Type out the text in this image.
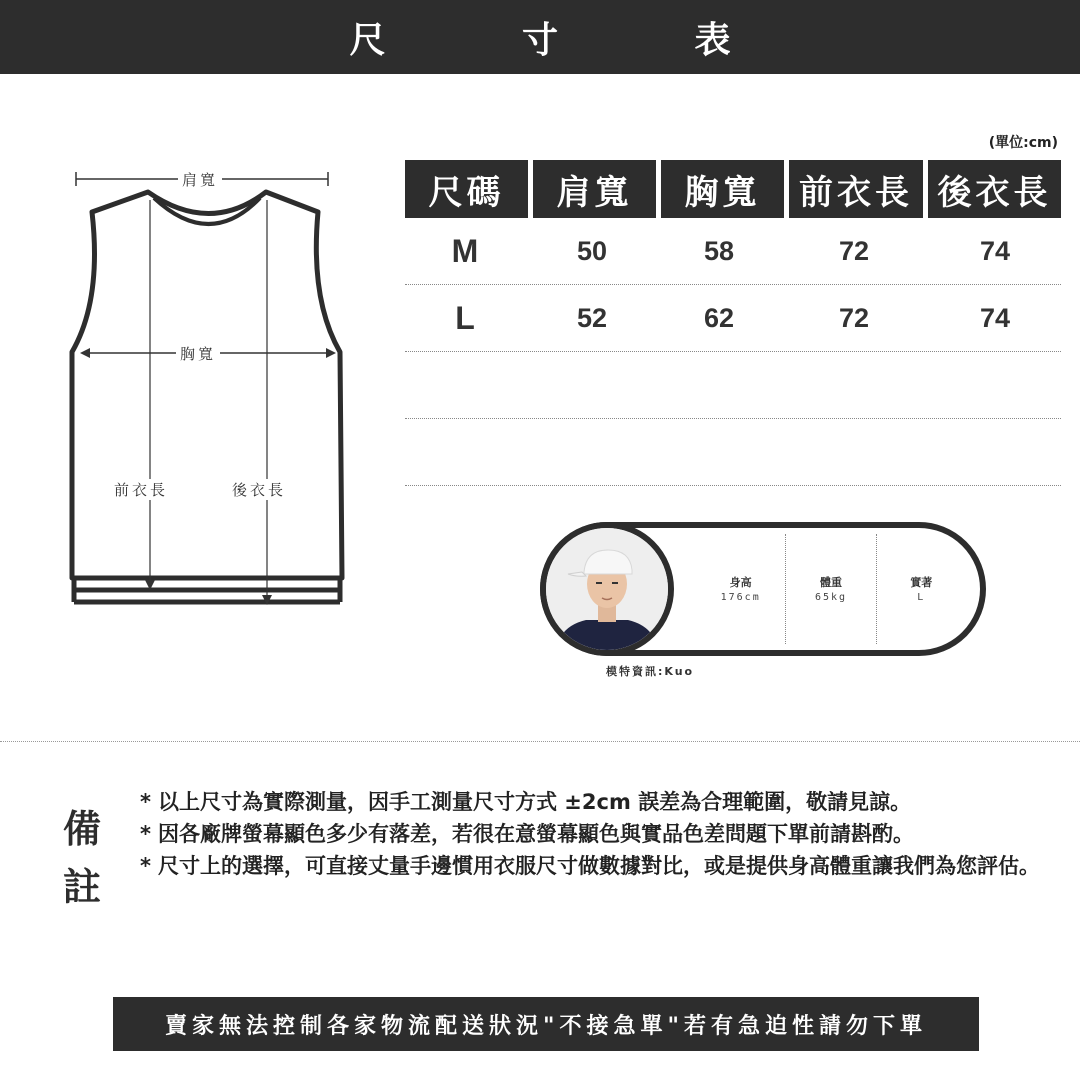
尺 寸 表
肩寬
胸寬
前衣長	後衣長
(單位:cm)
尺碼	肩寬	胸寬	前衣長 後衣長
M	50	58	72	74
L	52	62	72	74
身高
176cm
體重
65kg
實著
L
模特資訊:Kuo
備
註
* 以上尺寸為實際測量，因手工測量尺寸方式 ±2cm 誤差為合理範圍，敬請見諒。
* 因各廠牌螢幕顯色多少有落差，若很在意螢幕顯色與實品色差問題下單前請斟酌。
* 尺寸上的選擇，可直接丈量手邊慣用衣服尺寸做數據對比，或是提供身高體重讓我們為您評估。
賣家無法控制各家物流配送狀況"不接急單"若有急迫性請勿下單
